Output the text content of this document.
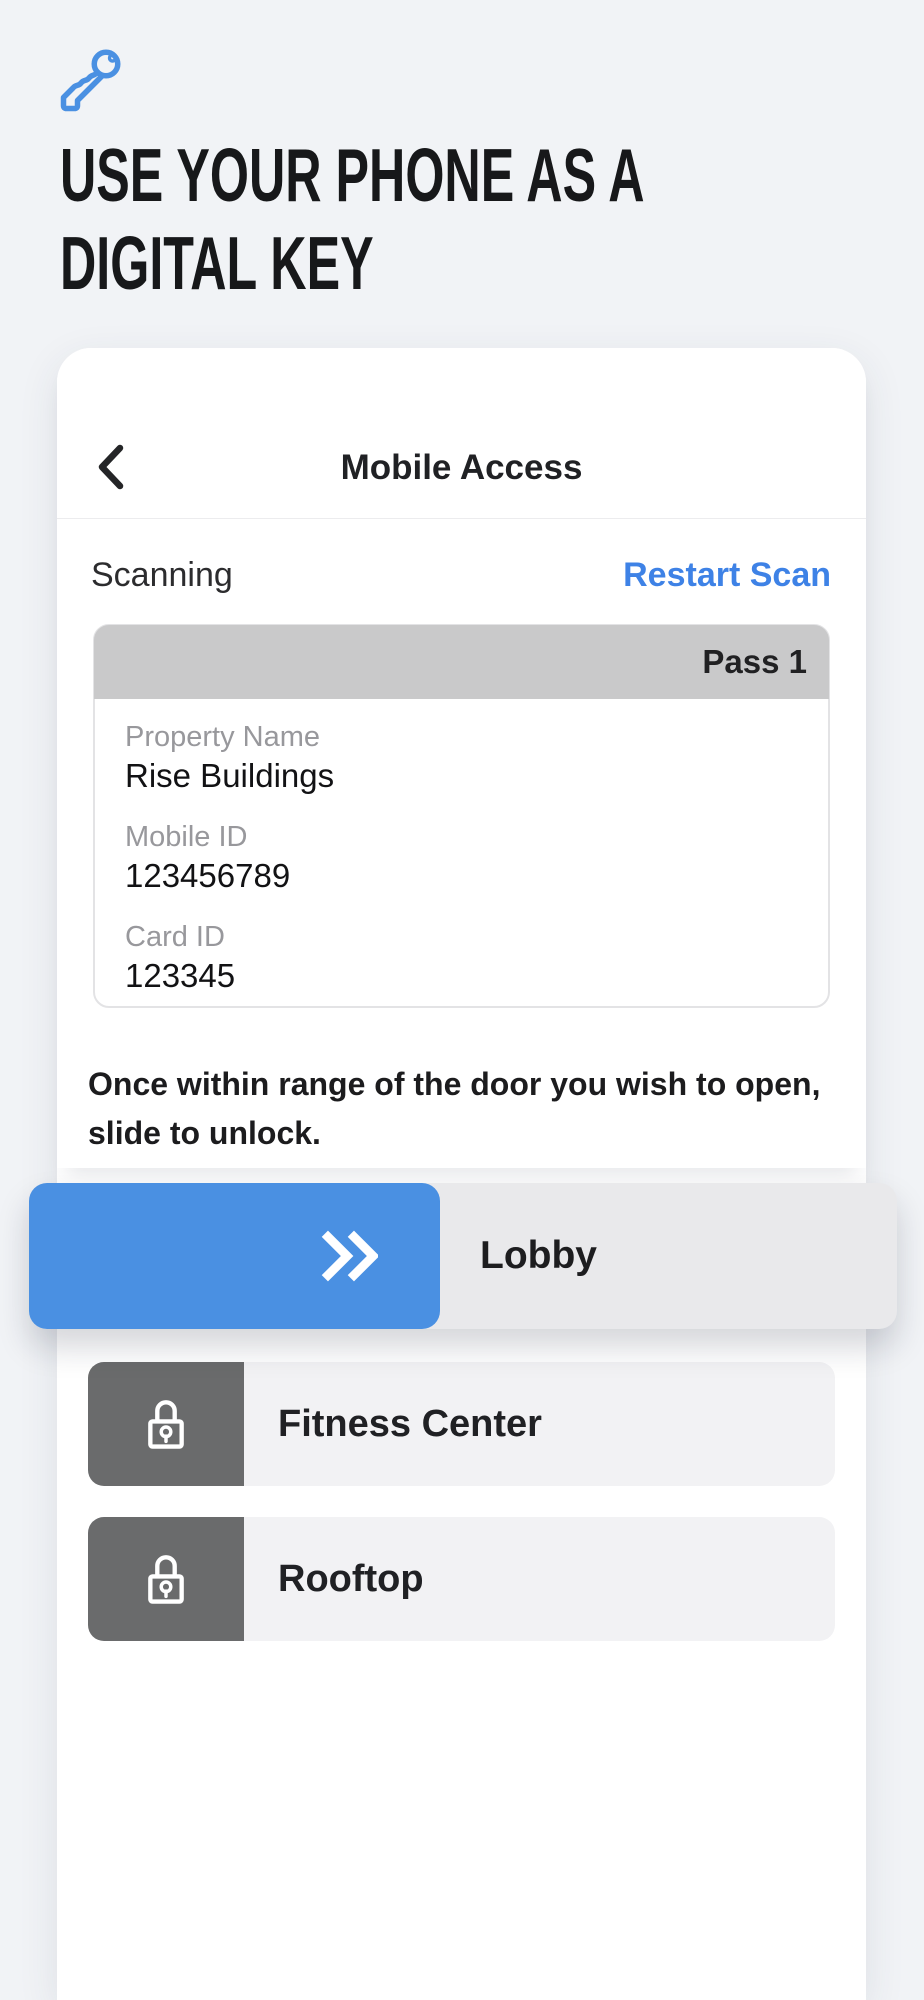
USE YOUR PHONE AS A
DIGITAL KEY
Mobile Access
Scanning	Restart Scan
Pass 1
Property Name
Rise Buildings
Mobile ID
123456789
Card ID
123345

Once within range of the door you wish to open, slide to unlock.

Fitness Center
Rooftop
Lobby
